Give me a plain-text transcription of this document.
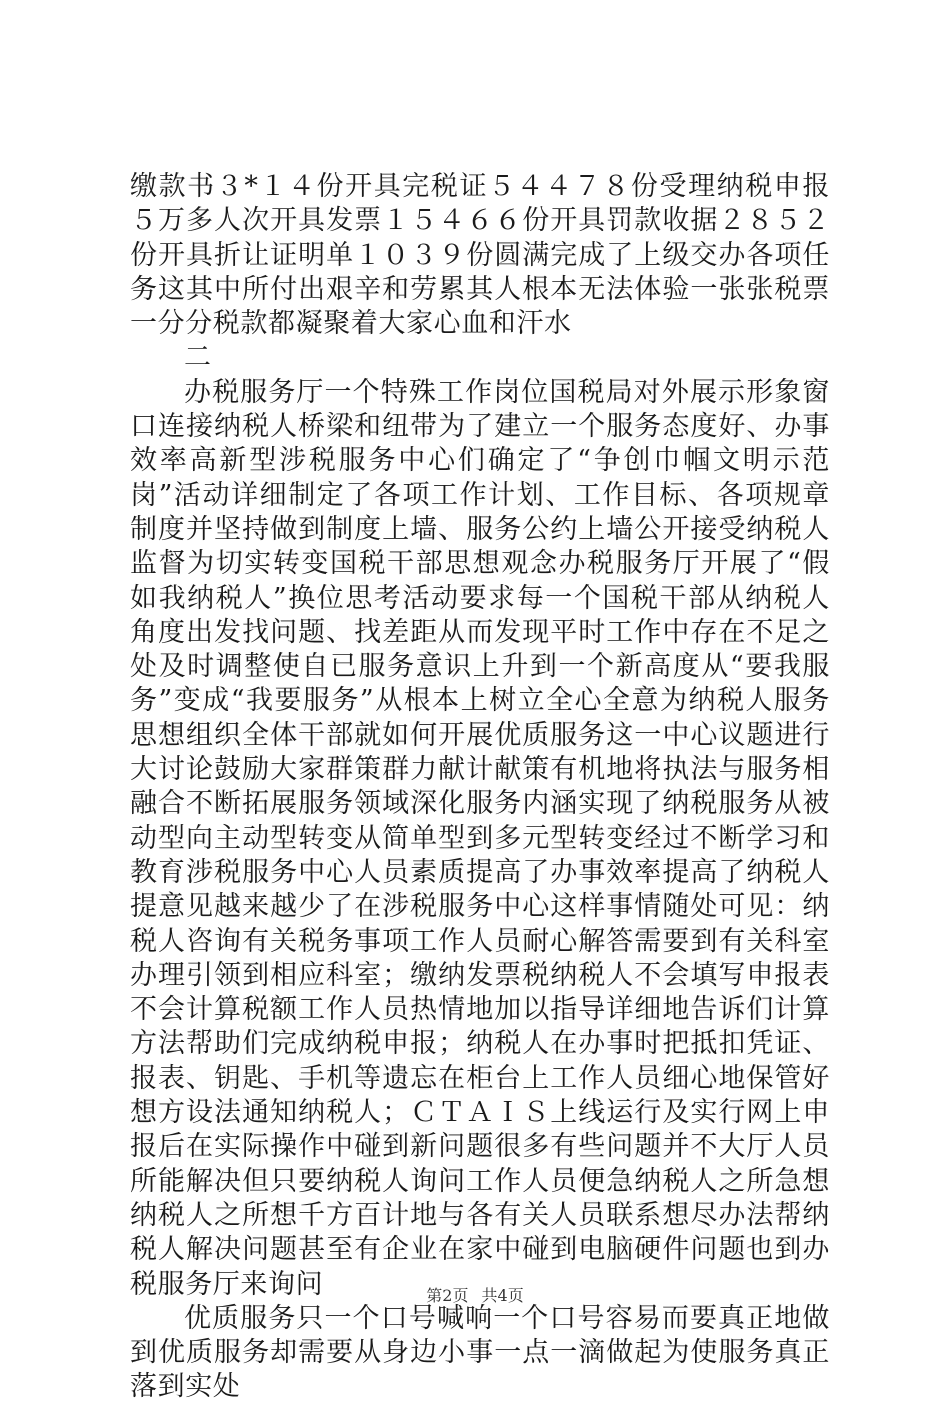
缴款书３*１４份开具完税证５４４７８份受理纳税申报５万多人次开具发票１５４６６份开具罚款收据２８５２份开具折让证明单１０３９份圆满完成了上级交办各项任务这其中所付出艰辛和劳累其人根本无法体验一张张税票一分分税款都凝聚着大家心血和汗水

二

办税服务厅一个特殊工作岗位国税局对外展示形象窗口连接纳税人桥梁和纽带为了建立一个服务态度好、办事效率高新型涉税服务中心们确定了“争创巾帼文明示范岗”活动详细制定了各项工作计划、工作目标、各项规章制度并坚持做到制度上墙、服务公约上墙公开接受纳税人监督为切实转变国税干部思想观念办税服务厅开展了“假如我纳税人”换位思考活动要求每一个国税干部从纳税人角度出发找问题、找差距从而发现平时工作中存在不足之处及时调整使自已服务意识上升到一个新高度从“要我服务”变成“我要服务”从根本上树立全心全意为纳税人服务思想组织全体干部就如何开展优质服务这一中心议题进行大讨论鼓励大家群策群力献计献策有机地将执法与服务相融合不断拓展服务领域深化服务内涵实现了纳税服务从被动型向主动型转变从简单型到多元型转变经过不断学习和教育涉税服务中心人员素质提高了办事效率提高了纳税人提意见越来越少了在涉税服务中心这样事情随处可见：纳税人咨询有关税务事项工作人员耐心解答需要到有关科室办理引领到相应科室；缴纳发票税纳税人不会填写申报表不会计算税额工作人员热情地加以指导详细地告诉们计算方法帮助们完成纳税申报；纳税人在办事时把抵扣凭证、报表、钥匙、手机等遗忘在柜台上工作人员细心地保管好想方设法通知纳税人；ＣＴＡＩＳ上线运行及实行网上申报后在实际操作中碰到新问题很多有些问题并不大厅人员所能解决但只要纳税人询问工作人员便急纳税人之所急想纳税人之所想千方百计地与各有关人员联系想尽办法帮纳税人解决问题甚至有企业在家中碰到电脑硬件问题也到办税服务厅来询问

优质服务只一个口号喊响一个口号容易而要真正地做到优质服务却需要从身边小事一点一滴做起为使服务真正落到实处

第2页 共4页
